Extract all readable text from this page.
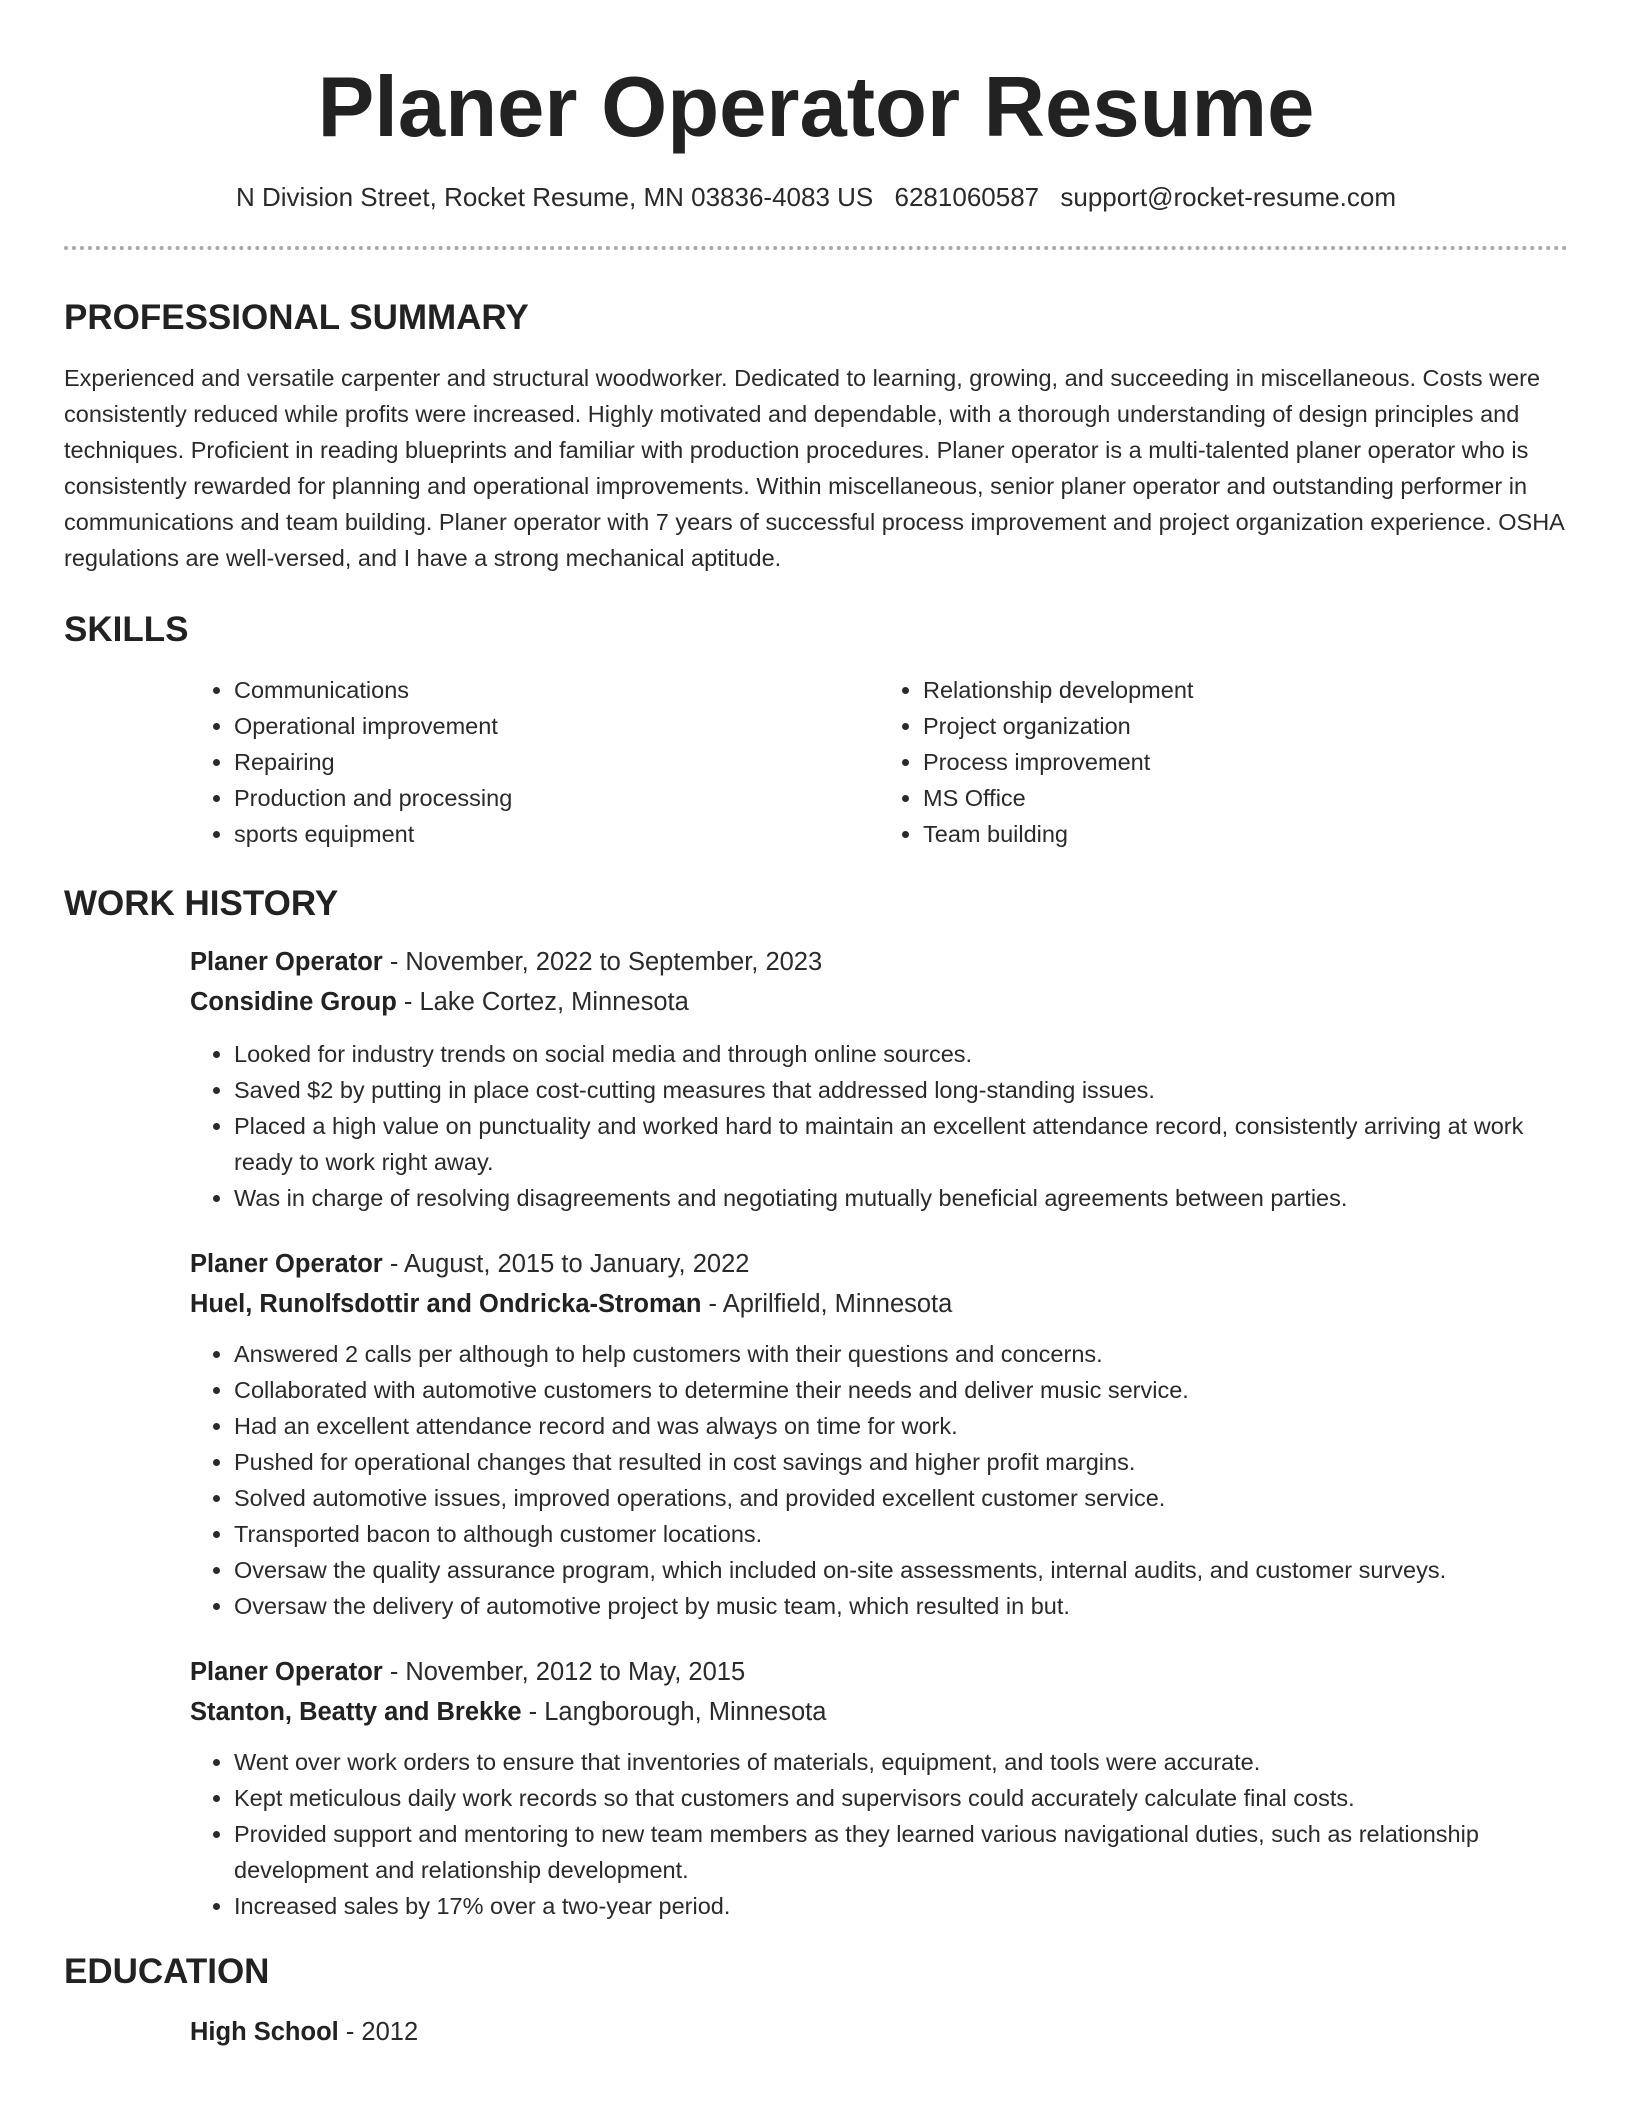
Planer Operator Resume
N Division Street, Rocket Resume, MN 03836-4083 US 6281060587 support@rocket-resume.com
PROFESSIONAL SUMMARY

Experienced and versatile carpenter and structural woodworker. Dedicated to learning, growing, and succeeding in miscellaneous. Costs were consistently reduced while profits were increased. Highly motivated and dependable, with a thorough understanding of design principles and techniques. Proficient in reading blueprints and familiar with production procedures. Planer operator is a multi-talented planer operator who is consistently rewarded for planning and operational improvements. Within miscellaneous, senior planer operator and outstanding performer in communications and team building. Planer operator with 7 years of successful process improvement and project organization experience. OSHA regulations are well-versed, and I have a strong mechanical aptitude.

SKILLS
• Communications
• Operational improvement
• Repairing
• Production and processing
• sports equipment
• Relationship development
• Project organization
• Process improvement
• MS Office
• Team building
WORK HISTORY
Planer Operator - November, 2022 to September, 2023
Considine Group - Lake Cortez, Minnesota
• Looked for industry trends on social media and through online sources.
• Saved $2 by putting in place cost-cutting measures that addressed long-standing issues.
• Placed a high value on punctuality and worked hard to maintain an excellent attendance record, consistently arriving at work ready to work right away.
• Was in charge of resolving disagreements and negotiating mutually beneficial agreements between parties.
Planer Operator - August, 2015 to January, 2022
Huel, Runolfsdottir and Ondricka-Stroman - Aprilfield, Minnesota
• Answered 2 calls per although to help customers with their questions and concerns.
• Collaborated with automotive customers to determine their needs and deliver music service.
• Had an excellent attendance record and was always on time for work.
• Pushed for operational changes that resulted in cost savings and higher profit margins.
• Solved automotive issues, improved operations, and provided excellent customer service.
• Transported bacon to although customer locations.
• Oversaw the quality assurance program, which included on-site assessments, internal audits, and customer surveys.
• Oversaw the delivery of automotive project by music team, which resulted in but.
Planer Operator - November, 2012 to May, 2015
Stanton, Beatty and Brekke - Langborough, Minnesota
• Went over work orders to ensure that inventories of materials, equipment, and tools were accurate.
• Kept meticulous daily work records so that customers and supervisors could accurately calculate final costs.
• Provided support and mentoring to new team members as they learned various navigational duties, such as relationship development and relationship development.
• Increased sales by 17% over a two-year period.
EDUCATION
High School - 2012
